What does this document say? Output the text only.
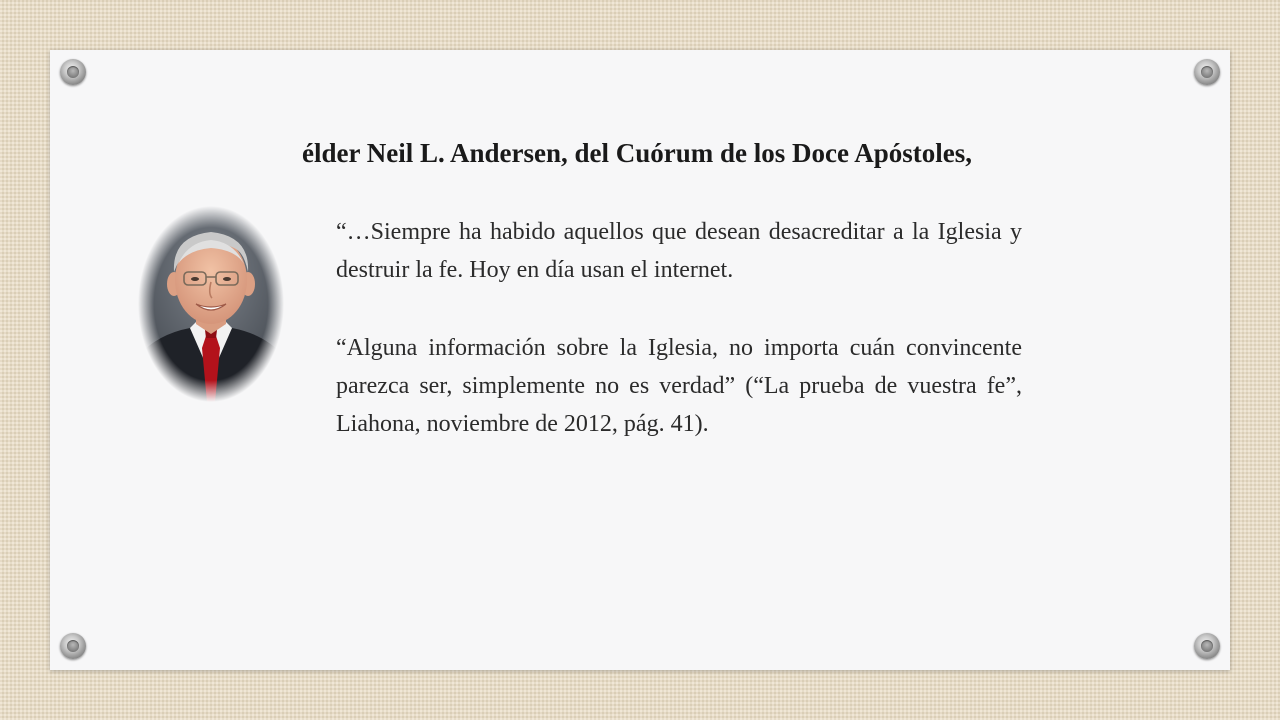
élder Neil L. Andersen, del Cuórum de los Doce Apóstoles,

“…Siempre ha habido aquellos que desean desacreditar a la Iglesia y destruir la fe. Hoy en día usan el internet.

“Alguna información sobre la Iglesia, no importa cuán convincente parezca ser, simplemente no es verdad” (“La prueba de vuestra fe”, Liahona, noviembre de 2012, pág. 41).
